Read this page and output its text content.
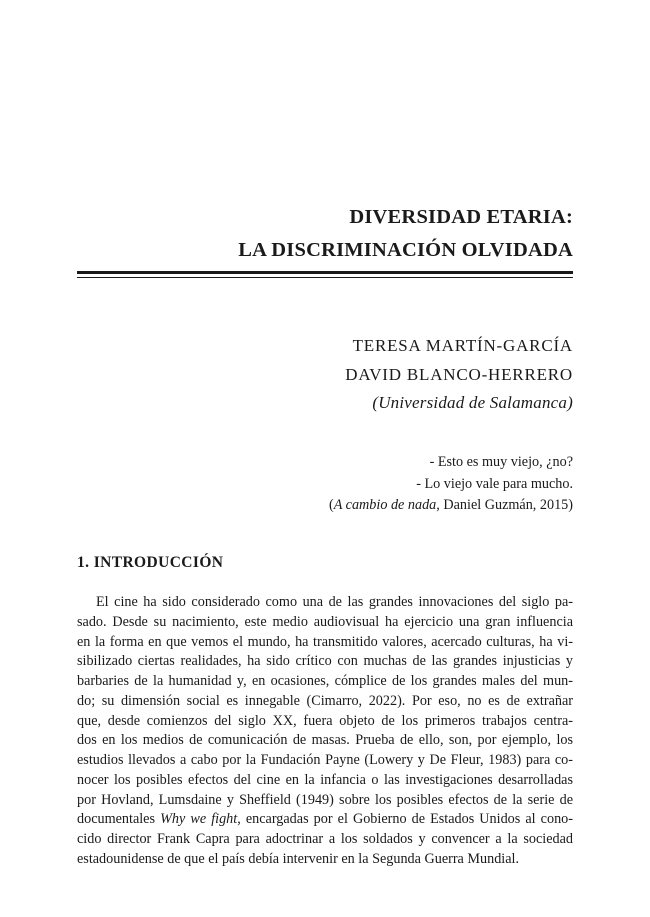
DIVERSIDAD ETARIA:
LA DISCRIMINACIÓN OLVIDADA
TERESA MARTÍN-GARCÍA
DAVID BLANCO-HERRERO
(Universidad de Salamanca)
- Esto es muy viejo, ¿no?
- Lo viejo vale para mucho.
(A cambio de nada, Daniel Guzmán, 2015)
1. INTRODUCCIÓN
El cine ha sido considerado como una de las grandes innovaciones del siglo pa-
sado. Desde su nacimiento, este medio audiovisual ha ejercicio una gran influencia
en la forma en que vemos el mundo, ha transmitido valores, acercado culturas, ha vi-
sibilizado ciertas realidades, ha sido crítico con muchas de las grandes injusticias y
barbaries de la humanidad y, en ocasiones, cómplice de los grandes males del mun-
do; su dimensión social es innegable (Cimarro, 2022). Por eso, no es de extrañar
que, desde comienzos del siglo XX, fuera objeto de los primeros trabajos centra-
dos en los medios de comunicación de masas. Prueba de ello, son, por ejemplo, los
estudios llevados a cabo por la Fundación Payne (Lowery y De Fleur, 1983) para co-
nocer los posibles efectos del cine en la infancia o las investigaciones desarrolladas
por Hovland, Lumsdaine y Sheffield (1949) sobre los posibles efectos de la serie de
documentales Why we fight, encargadas por el Gobierno de Estados Unidos al cono-
cido director Frank Capra para adoctrinar a los soldados y convencer a la sociedad
estadounidense de que el país debía intervenir en la Segunda Guerra Mundial.
